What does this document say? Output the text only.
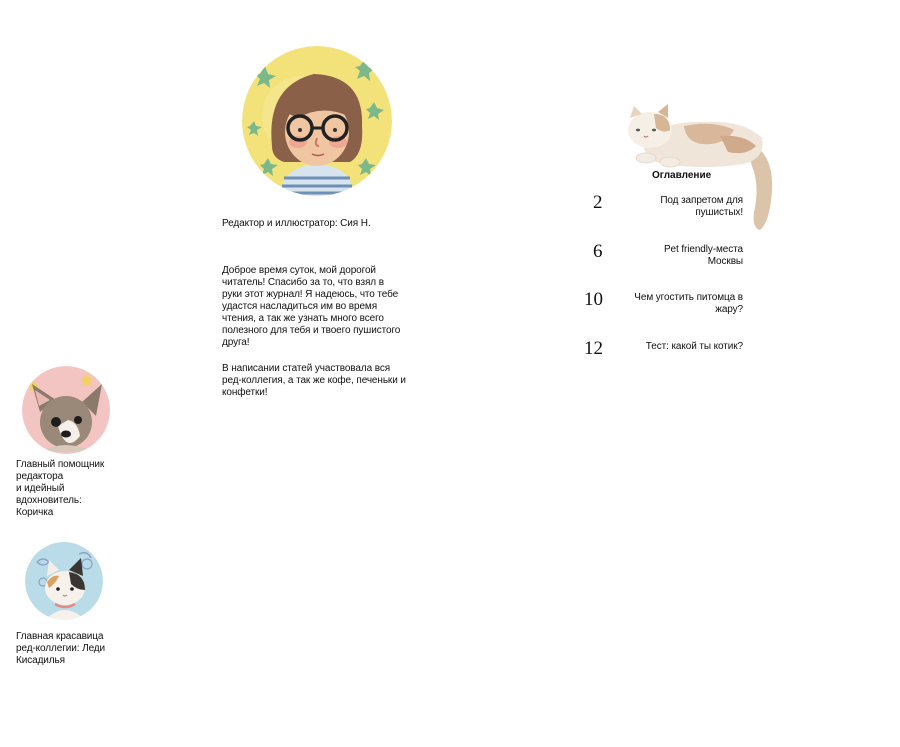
Редактор и иллюстратор: Сия Н.
Доброе время суток, мой дорогой
читатель! Спасибо за то, что взял в
руки этот журнал! Я надеюсь, что тебе
удастся насладиться им во время
чтения, а так же узнать много всего
полезного для тебя и твоего пушистого
друга!
В написании статей участвовала вся
ред-коллегия, а так же кофе, печеньки и
конфетки!
Главный помощник
редактора
и идейный
вдохновитель:
Коричка
Главная красавица
ред-коллегии: Леди
Кисадилья
Оглавление
2	Под запретом для
пушистых!
6	Pet friendly-места
Москвы
10	Чем угостить питомца в
жару?
12	Тест: какой ты котик?
